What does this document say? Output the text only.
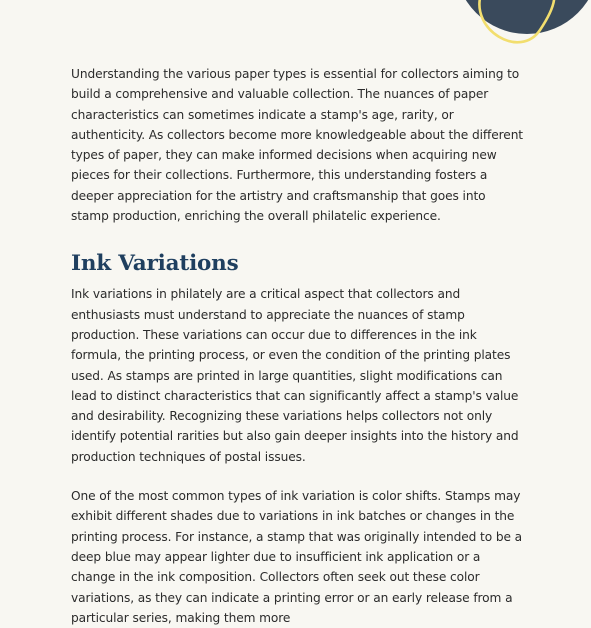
Understanding the various paper types is essential for collectors aiming to build a comprehensive and valuable collection. The nuances of paper characteristics can sometimes indicate a stamp's age, rarity, or authenticity. As collectors become more knowledgeable about the different types of paper, they can make informed decisions when acquiring new pieces for their collections. Furthermore, this understanding fosters a deeper appreciation for the artistry and craftsmanship that goes into stamp production, enriching the overall philatelic experience.

Ink Variations

Ink variations in philately are a critical aspect that collectors and enthusiasts must understand to appreciate the nuances of stamp production. These variations can occur due to differences in the ink formula, the printing process, or even the condition of the printing plates used. As stamps are printed in large quantities, slight modifications can lead to distinct characteristics that can significantly affect a stamp's value and desirability. Recognizing these variations helps collectors not only identify potential rarities but also gain deeper insights into the history and production techniques of postal issues.

One of the most common types of ink variation is color shifts. Stamps may exhibit different shades due to variations in ink batches or changes in the printing process. For instance, a stamp that was originally intended to be a deep blue may appear lighter due to insufficient ink application or a change in the ink composition. Collectors often seek out these color variations, as they can indicate a printing error or an early release from a particular series, making them more
